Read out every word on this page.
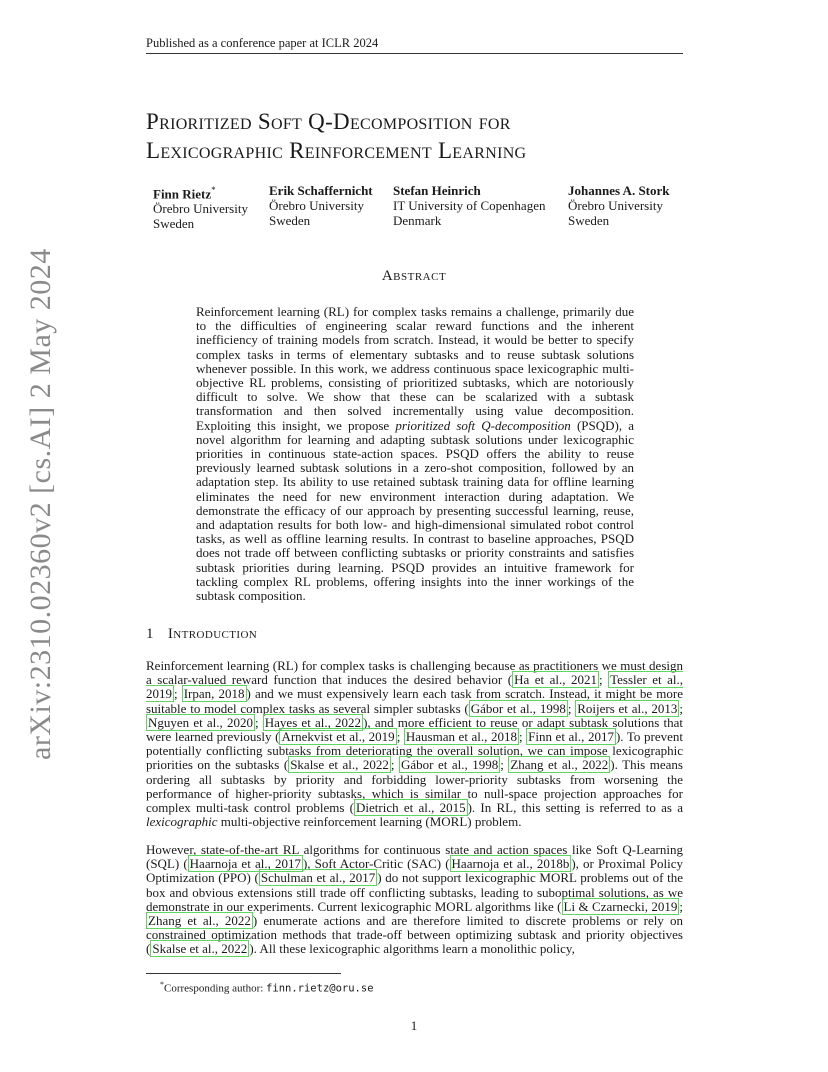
Published as a conference paper at ICLR 2024
Prioritized Soft Q-Decomposition for
Lexicographic Reinforcement Learning
Finn Rietz*
Örebro University
Sweden
Erik Schaffernicht
Örebro University
Sweden
Stefan Heinrich
IT University of Copenhagen
Denmark
Johannes A. Stork
Örebro University
Sweden
Abstract

Reinforcement learning (RL) for complex tasks remains a challenge, primarily due to the difficulties of engineering scalar reward functions and the inherent inefficiency of training models from scratch. Instead, it would be better to specify complex tasks in terms of elementary subtasks and to reuse subtask solutions whenever possible. In this work, we address continuous space lexicographic multi-objective RL problems, consisting of prioritized subtasks, which are notoriously difficult to solve. We show that these can be scalarized with a subtask transformation and then solved incrementally using value decomposition. Exploiting this insight, we propose prioritized soft Q-decomposition (PSQD), a novel algorithm for learning and adapting subtask solutions under lexicographic priorities in continuous state-action spaces. PSQD offers the ability to reuse previously learned subtask solutions in a zero-shot composition, followed by an adaptation step. Its ability to use retained subtask training data for offline learning eliminates the need for new environment interaction during adaptation. We demonstrate the efficacy of our approach by presenting successful learning, reuse, and adaptation results for both low- and high-dimensional simulated robot control tasks, as well as offline learning results. In contrast to baseline approaches, PSQD does not trade off between conflicting subtasks or priority constraints and satisfies subtask priorities during learning. PSQD provides an intuitive framework for tackling complex RL problems, offering insights into the inner workings of the subtask composition.

1 Introduction

Reinforcement learning (RL) for complex tasks is challenging because as practitioners we must design a scalar-valued reward function that induces the desired behavior ( Ha et al., 2021 ; Tessler et al., 2019 ; Irpan, 2018 ) and we must expensively learn each task from scratch. Instead, it might be more suitable to model complex tasks as several simpler subtasks ( Gábor et al., 1998 ; Roijers et al., 2013 ; Nguyen et al., 2020 ; Hayes et al., 2022 ), and more efficient to reuse or adapt subtask solutions that were learned previously ( Arnekvist et al., 2019 ; Hausman et al., 2018 ; Finn et al., 2017 ). To prevent potentially conflicting subtasks from deteriorating the overall solution, we can impose lexicographic priorities on the subtasks ( Skalse et al., 2022 ; Gábor et al., 1998 ; Zhang et al., 2022 ). This means ordering all subtasks by priority and forbidding lower-priority subtasks from worsening the performance of higher-priority subtasks, which is similar to null-space projection approaches for complex multi-task control problems ( Dietrich et al., 2015 ). In RL, this setting is referred to as a lexicographic multi-objective reinforcement learning (MORL) problem.

However, state-of-the-art RL algorithms for continuous state and action spaces like Soft Q-Learning (SQL) ( Haarnoja et al., 2017 ), Soft Actor-Critic (SAC) ( Haarnoja et al., 2018b ), or Proximal Policy Optimization (PPO) ( Schulman et al., 2017 ) do not support lexicographic MORL problems out of the box and obvious extensions still trade off conflicting subtasks, leading to suboptimal solutions, as we demonstrate in our experiments. Current lexicographic MORL algorithms like ( Li & Czarnecki, 2019 ; Zhang et al., 2022 ) enumerate actions and are therefore limited to discrete problems or rely on constrained optimization methods that trade-off between optimizing subtask and priority objectives ( Skalse et al., 2022 ). All these lexicographic algorithms learn a monolithic policy,

*Corresponding author: finn.rietz@oru.se
1
arXiv:2310.02360v2 [cs.AI] 2 May 2024
